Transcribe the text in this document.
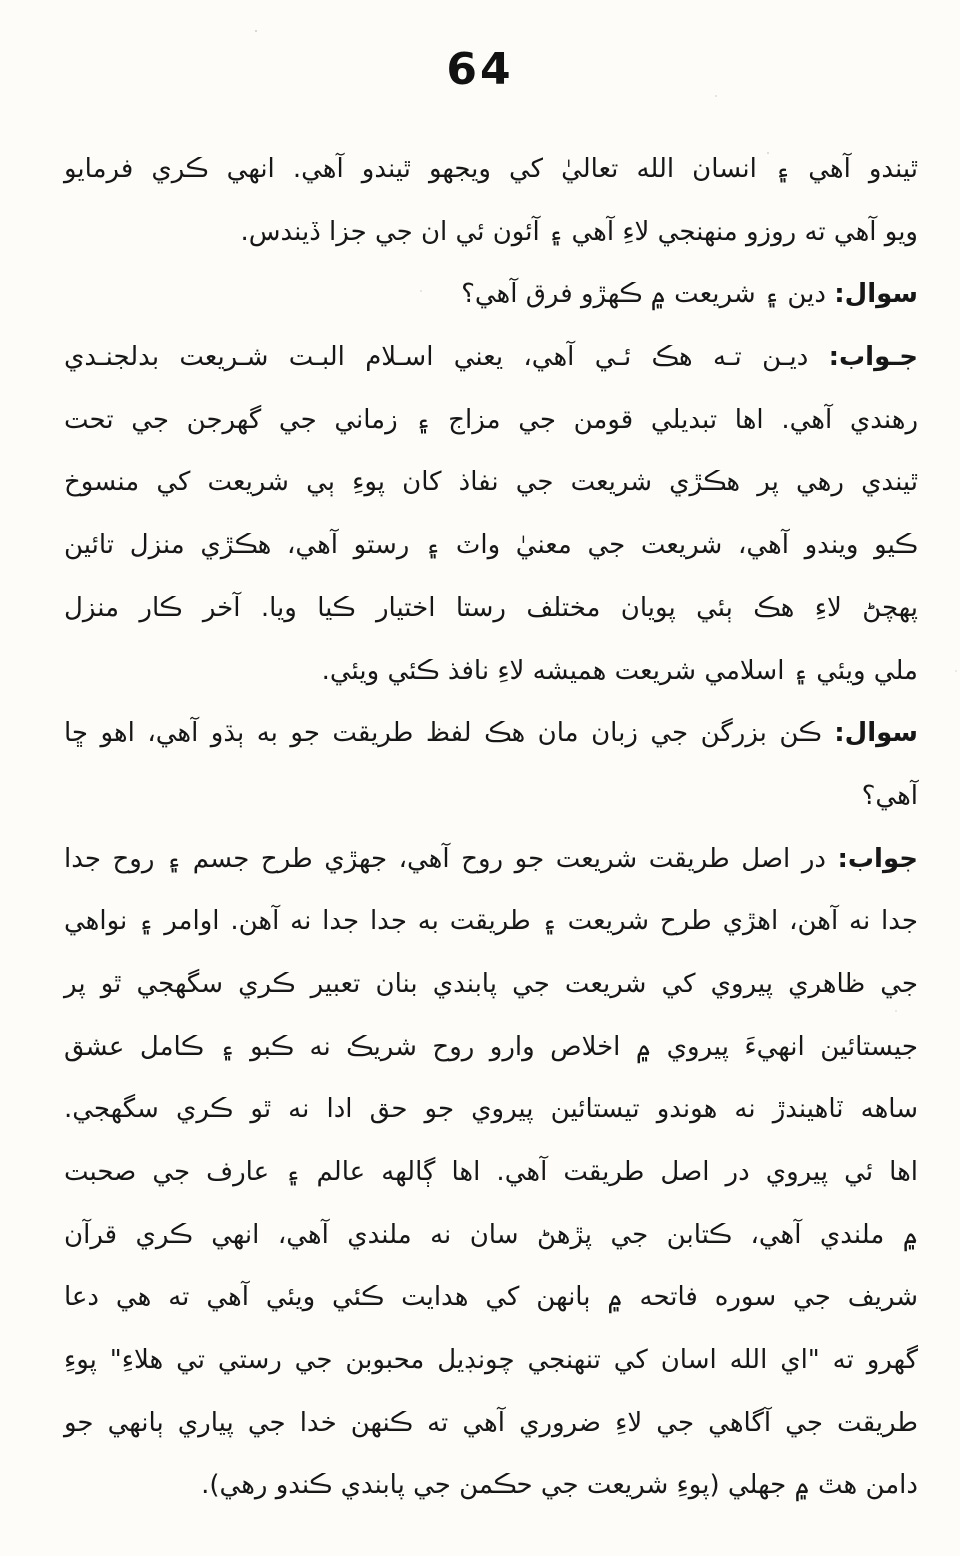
64
ٿيندو آهي ۽ انسان الله تعاليٰ کي ويجهو ٿيندو آهي. انهي ڪري فرمايو
ويو آهي ته روزو منهنجي لاءِ آهي ۽ آئون ئي ان جي جزا ڏيندس.
سوال: دين ۽ شريعت ۾ ڪهڙو فرق آهي؟
جـواب: ديـن تـه هڪ ئـي آهي، يعني اسـلام البـت شـريعت بدلجنـدي
رهندي آهي. اها تبديلي قومن جي مزاج ۽ زماني جي گهرجن جي تحت
ٿيندي رهي پر هڪڙي شريعت جي نفاذ کان پوءِ ٻي شريعت کي منسوخ
ڪيو ويندو آهي، شريعت جي معنيٰ واٽ ۽ رستو آهي، هڪڙي منزل تائين
پهچڻ لاءِ هڪ ٻئي پويان مختلف رستا اختيار ڪيا ويا. آخر ڪار منزل
ملي ويئي ۽ اسلامي شريعت هميشه لاءِ نافذ ڪئي ويئي.
سوال: ڪن بزرگن جي زبان مان هڪ لفظ طريقت جو به ٻڌو آهي، اهو ڇا
آهي؟
جواب: در اصل طريقت شريعت جو روح آهي، جهڙي طرح جسم ۽ روح جدا
جدا نه آهن، اهڙي طرح شريعت ۽ طريقت به جدا جدا نه آهن. اوامر ۽ نواهي
جي ظاهري پيروي کي شريعت جي پابندي بنان تعبير ڪري سگهجي ٿو پر
جيستائين انهيءَ پيروي ۾ اخلاص وارو روح شريڪ نه ڪبو ۽ ڪامل عشق
ساهه ٽاهيندڙ نه هوندو تيستائين پيروي جو حق ادا نه ٿو ڪري سگهجي.
اها ئي پيروي در اصل طريقت آهي. اها ڳالهه عالم ۽ عارف جي صحبت
۾ ملندي آهي، ڪتابن جي پڙهڻ سان نه ملندي آهي، انهي ڪري قرآن
شريف جي سوره فاتحه ۾ ٻانهن کي هدايت ڪئي ويئي آهي ته هي دعا
گهرو ته "اي الله اسان کي تنهنجي چونڊيل محبوبن جي رستي تي هلاءِ" پوءِ
طريقت جي آگاهي جي لاءِ ضروري آهي ته ڪنهن خدا جي پياري ٻانهي جو
دامن هٿ ۾ جهلي (پوءِ شريعت جي حڪمن جي پابندي ڪندو رهي).
